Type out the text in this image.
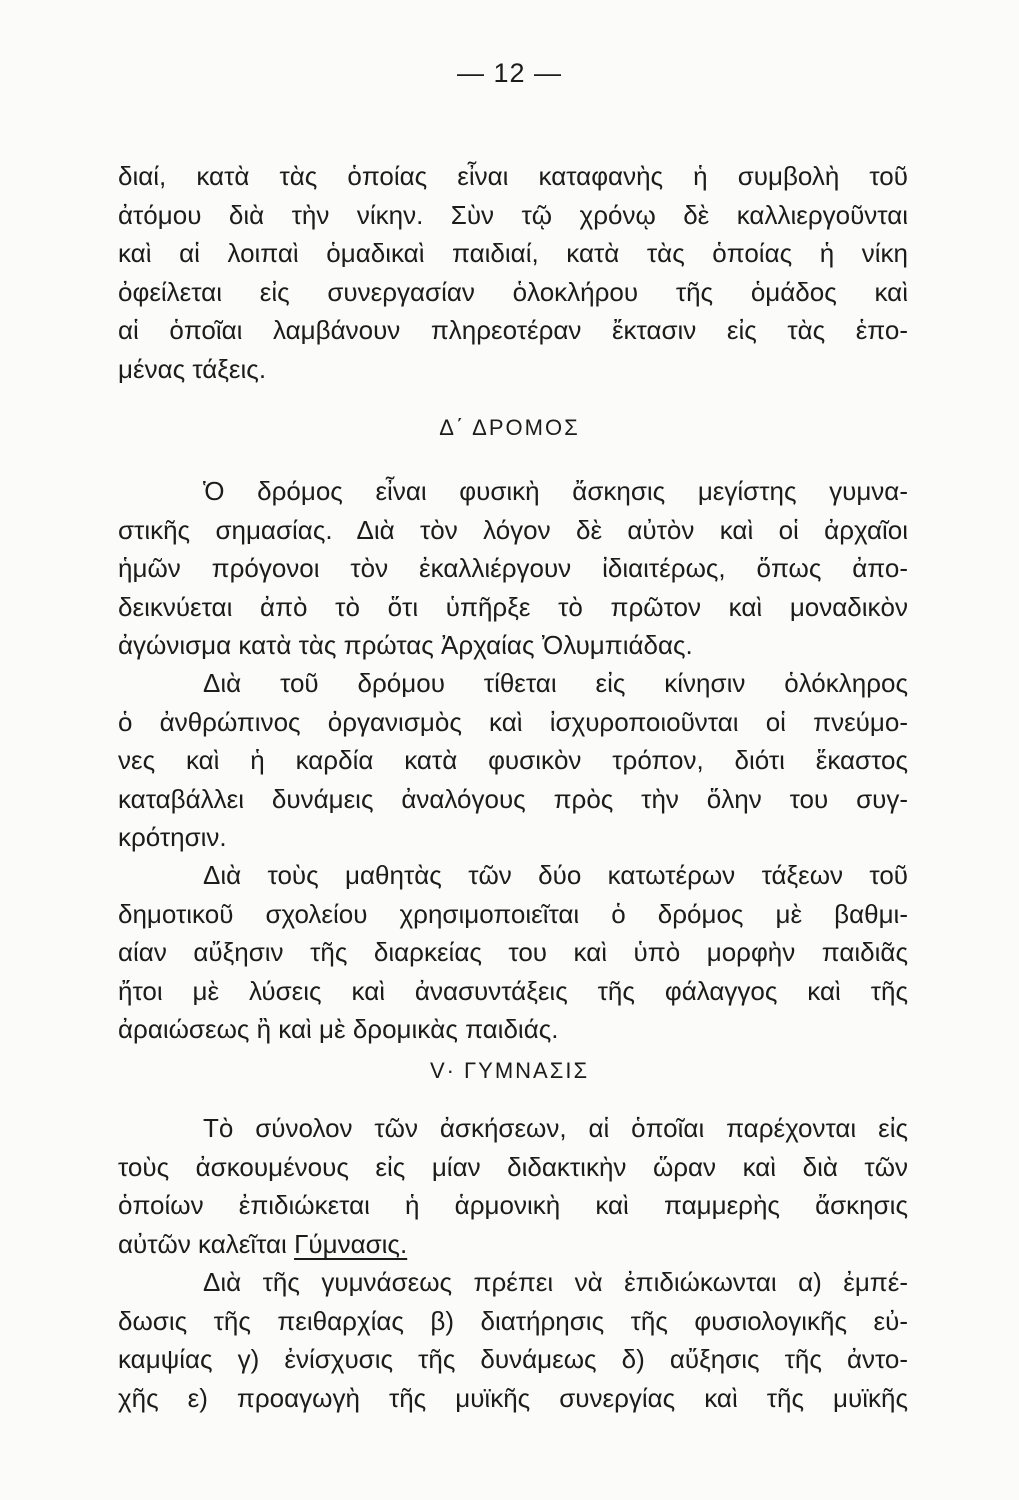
— 12 —
διαί, κατὰ τὰς ὁποίας εἶναι καταφανὴς ἡ συμβολὴ τοῦ
ἀτόμου διὰ τὴν νίκην. Σὺν τῷ χρόνῳ δὲ καλλιεργοῦνται
καὶ αἱ λοιπαὶ ὁμαδικαὶ παιδιαί, κατὰ τὰς ὁποίας ἡ νίκη
ὀφείλεται εἰς συνεργασίαν ὁλοκλήρου τῆς ὁμάδος καὶ
αἱ ὁποῖαι λαμβάνουν πληρεοτέραν ἔκτασιν εἰς τὰς ἑπο-
μένας τάξεις.
Δ΄ ΔΡΟΜΟΣ
Ὁ δρόμος εἶναι φυσικὴ ἄσκησις μεγίστης γυμνα-
στικῆς σημασίας. Διὰ τὸν λόγον δὲ αὐτὸν καὶ οἱ ἀρχαῖοι
ἡμῶν πρόγονοι τὸν ἐκαλλιέργουν ἰδιαιτέρως, ὅπως ἀπο-
δεικνύεται ἀπὸ τὸ ὅτι ὑπῆρξε τὸ πρῶτον καὶ μοναδικὸν
ἀγώνισμα κατὰ τὰς πρώτας Ἀρχαίας Ὀλυμπιάδας.
Διὰ τοῦ δρόμου τίθεται εἰς κίνησιν ὁλόκληρος
ὁ ἀνθρώπινος ὀργανισμὸς καὶ ἰσχυροποιοῦνται οἱ πνεύμο-
νες καὶ ἡ καρδία κατὰ φυσικὸν τρόπον, διότι ἕκαστος
καταβάλλει δυνάμεις ἀναλόγους πρὸς τὴν ὅλην του συγ-
κρότησιν.
Διὰ τοὺς μαθητὰς τῶν δύο κατωτέρων τάξεων τοῦ
δημοτικοῦ σχολείου χρησιμοποιεῖται ὁ δρόμος μὲ βαθμι-
αίαν αὔξησιν τῆς διαρκείας του καὶ ὑπὸ μορφὴν παιδιᾶς
ἤτοι μὲ λύσεις καὶ ἀνασυντάξεις τῆς φάλαγγος καὶ τῆς
ἀραιώσεως ἢ καὶ μὲ δρομικὰς παιδιάς.
V· ΓΥΜΝΑΣΙΣ
Τὸ σύνολον τῶν ἀσκήσεων, αἱ ὁποῖαι παρέχονται εἰς
τοὺς ἀσκουμένους εἰς μίαν διδακτικὴν ὥραν καὶ διὰ τῶν
ὁποίων ἐπιδιώκεται ἡ ἁρμονικὴ καὶ παμμερὴς ἄσκησις
αὐτῶν καλεῖται Γύμνασις.
Διὰ τῆς γυμνάσεως πρέπει νὰ ἐπιδιώκωνται α) ἐμπέ-
δωσις τῆς πειθαρχίας β) διατήρησις τῆς φυσιολογικῆς εὐ-
καμψίας γ) ἐνίσχυσις τῆς δυνάμεως δ) αὔξησις τῆς ἀντο-
χῆς ε) προαγωγὴ τῆς μυϊκῆς συνεργίας καὶ τῆς μυϊκῆς
